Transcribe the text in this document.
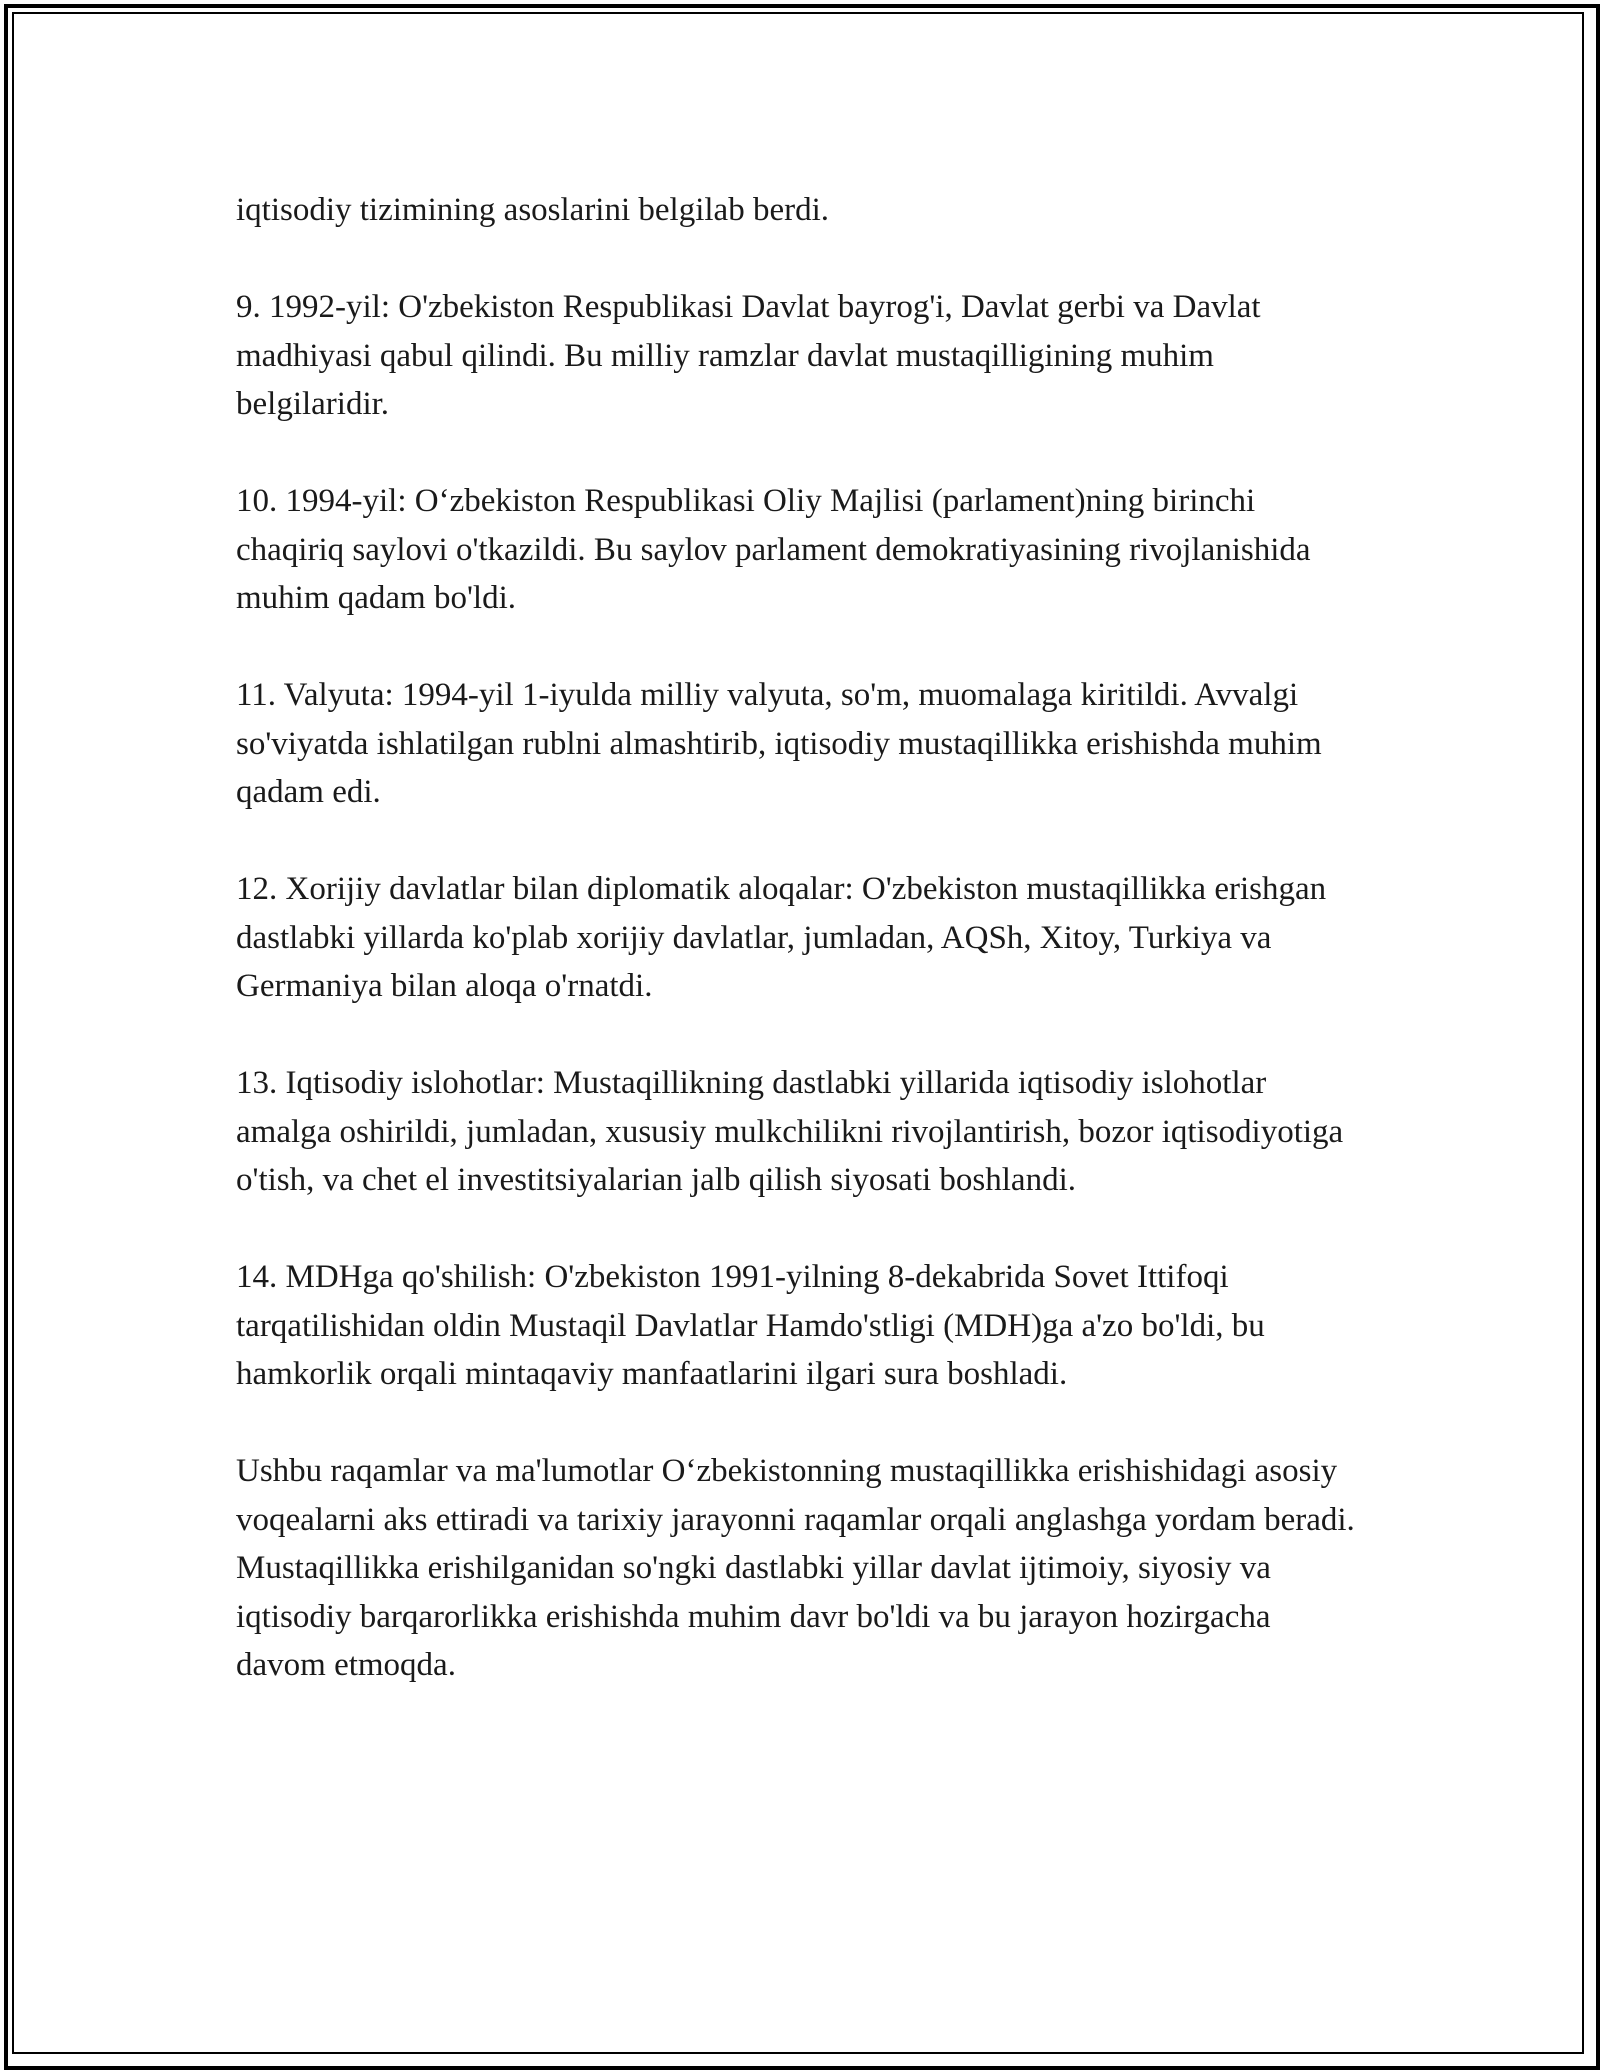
iqtisodiy tizimining asoslarini belgilab berdi.

9. 1992-yil: O'zbekiston Respublikasi Davlat bayrog'i, Davlat gerbi va Davlat madhiyasi qabul qilindi. Bu milliy ramzlar davlat mustaqilligining muhim belgilaridir.

10. 1994-yil: O‘zbekiston Respublikasi Oliy Majlisi (parlament)ning birinchi chaqiriq saylovi o'tkazildi. Bu saylov parlament demokratiyasining rivojlanishida muhim qadam bo'ldi.

11. Valyuta: 1994-yil 1-iyulda milliy valyuta, so'm, muomalaga kiritildi. Avvalgi so'viyatda ishlatilgan rublni almashtirib, iqtisodiy mustaqillikka erishishda muhim qadam edi.

12. Xorijiy davlatlar bilan diplomatik aloqalar: O'zbekiston mustaqillikka erishgan dastlabki yillarda ko'plab xorijiy davlatlar, jumladan, AQSh, Xitoy, Turkiya va Germaniya bilan aloqa o'rnatdi.

13. Iqtisodiy islohotlar: Mustaqillikning dastlabki yillarida iqtisodiy islohotlar amalga oshirildi, jumladan, xususiy mulkchilikni rivojlantirish, bozor iqtisodiyotiga o'tish, va chet el investitsiyalarian jalb qilish siyosati boshlandi.

14. MDHga qo'shilish: O'zbekiston 1991-yilning 8-dekabrida Sovet Ittifoqi tarqatilishidan oldin Mustaqil Davlatlar Hamdo'stligi (MDH)ga a'zo bo'ldi, bu hamkorlik orqali mintaqaviy manfaatlarini ilgari sura boshladi.

Ushbu raqamlar va ma'lumotlar O‘zbekistonning mustaqillikka erishishidagi asosiy voqealarni aks ettiradi va tarixiy jarayonni raqamlar orqali anglashga yordam beradi. Mustaqillikka erishilganidan so'ngki dastlabki yillar davlat ijtimoiy, siyosiy va iqtisodiy barqarorlikka erishishda muhim davr bo'ldi va bu jarayon hozirgacha davom etmoqda.
